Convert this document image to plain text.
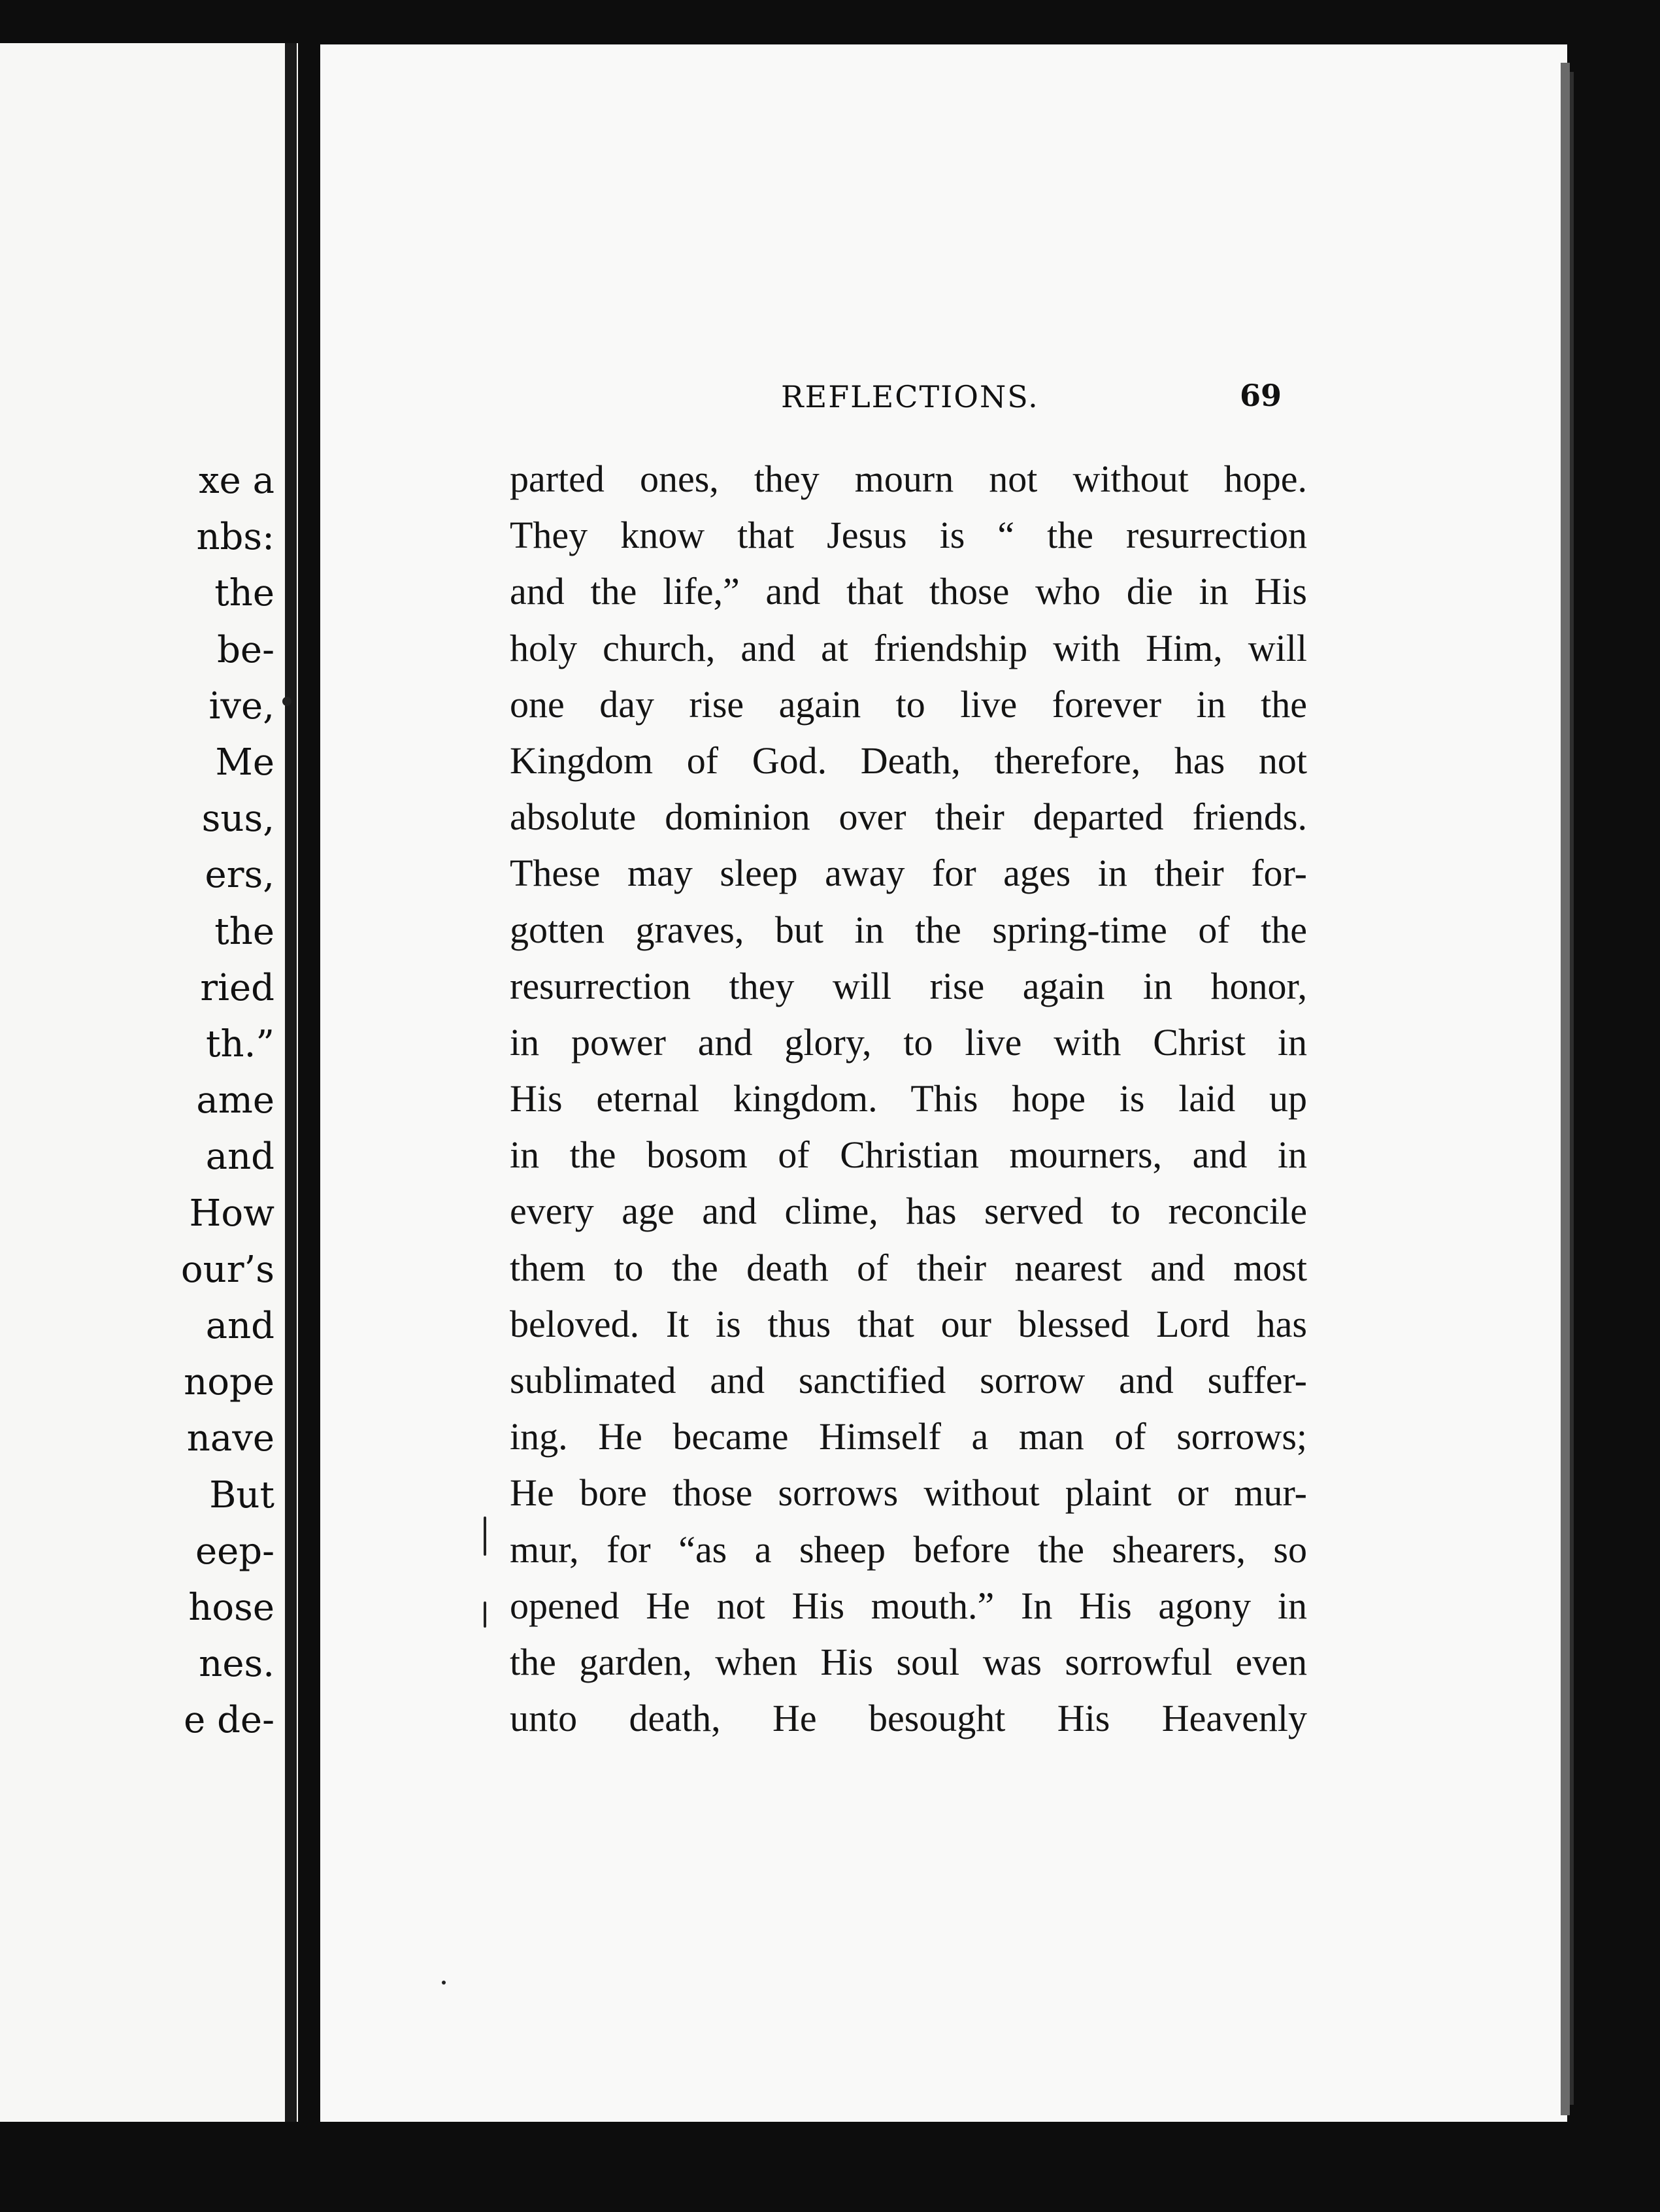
xe a
nbs:
the
be-
ive,
Me
sus,
ers,
the
ried
th.”
ame
and
How
our’s
and
nope
nave
But
eep-
hose
nes.
e de-
REFLECTIONS.	69
parted ones, they mourn not without hope.
They know that Jesus is “ the resurrection
and the life,” and that those who die in His
holy church, and at friendship with Him, will
one day rise again to live forever in the
Kingdom of God. Death, therefore, has not
absolute dominion over their departed friends.
These may sleep away for ages in their for-
gotten graves, but in the spring-time of the
resurrection they will rise again in honor,
in power and glory, to live with Christ in
His eternal kingdom. This hope is laid up
in the bosom of Christian mourners, and in
every age and clime, has served to reconcile
them to the death of their nearest and most
beloved. It is thus that our blessed Lord has
sublimated and sanctified sorrow and suffer-
ing. He became Himself a man of sorrows;
He bore those sorrows without plaint or mur-
mur, for “as a sheep before the shearers, so
opened He not His mouth.” In His agony in
the garden, when His soul was sorrowful even
unto death, He besought His Heavenly
